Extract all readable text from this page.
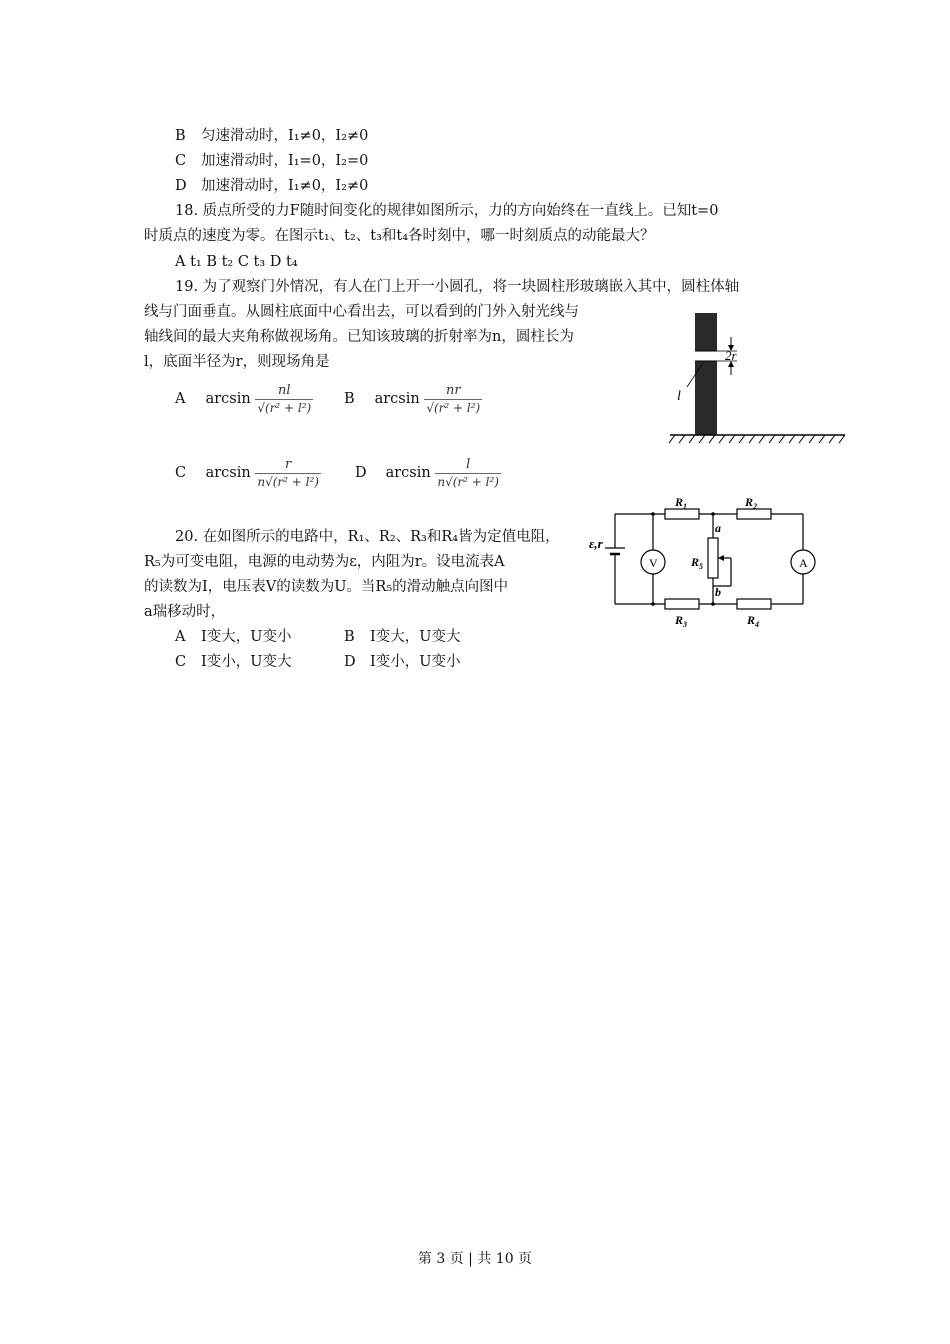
B 匀速滑动时，I₁≠0，I₂≠0
C 加速滑动时，I₁=0，I₂=0
D 加速滑动时，I₁≠0，I₂≠0
18. 质点所受的力F随时间变化的规律如图所示，力的方向始终在一直线上。已知t=0
时质点的速度为零。在图示t₁、t₂、t₃和t₄各时刻中，哪一时刻质点的动能最大？
A t₁ B t₂ C t₃ D t₄
19. 为了观察门外情况，有人在门上开一小圆孔，将一块圆柱形玻璃嵌入其中，圆柱体轴
线与门面垂直。从圆柱底面中心看出去，可以看到的门外入射光线与
轴线间的最大夹角称做视场角。已知该玻璃的折射率为n，圆柱长为
l，底面半径为r，则现场角是
A $\arcsin \frac{nl}{\text{√(r² + l²)}}$ B $\arcsin \frac{nr}{\text{√(r² + l²)}}$
C $\arcsin \frac{r}{\text{n√(r² + l²)}}$ D $\arcsin \frac{l}{\text{n√(r² + l²)}}$
2r
l
20. 在如图所示的电路中，R₁、R₂、R₃和R₄皆为定值电阻，
R₅为可变电阻，电源的电动势为ε，内阻为r。设电流表A
的读数为I，电压表V的读数为U。当R₅的滑动触点向图中
a瑞移动时，
A I变大，U变小	B I变大，U变大
C I变小，U变大	D I变小，U变小
ε,r
V	A
$R_1$	$R_2$
$R_3$	$R_4$
$R_5$
a
b
第 3 页 | 共 10 页
